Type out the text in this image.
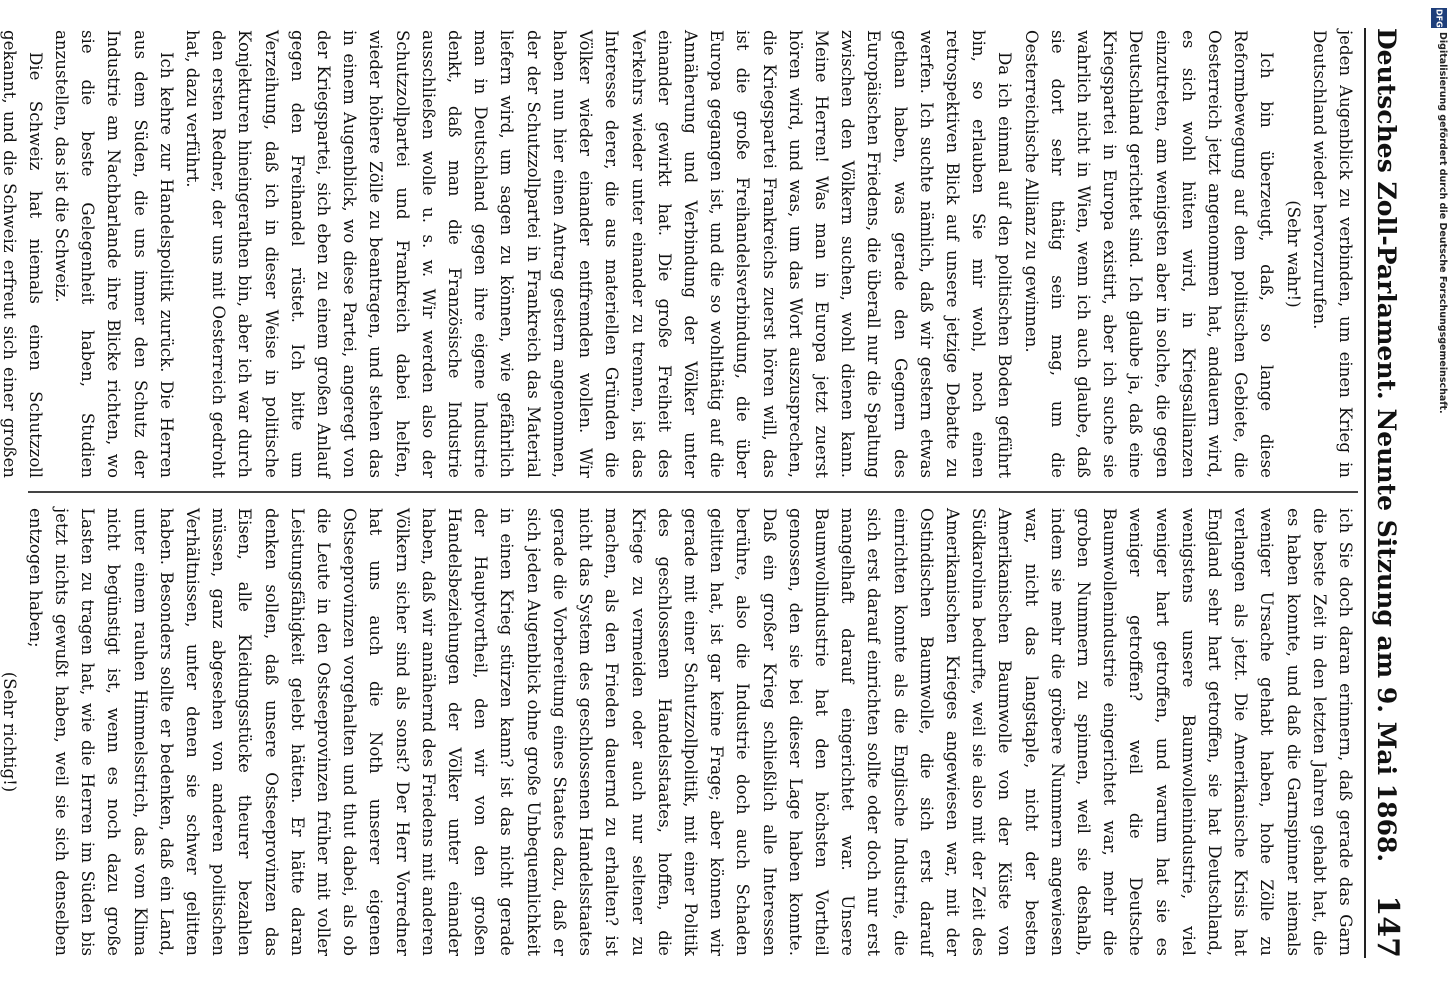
Deutsches Zoll-Parlament. Neunte Sitzung am 9. Mai 1868.
147

jeden Augenblick zu verbinden, um einen Krieg in Deutschland wieder hervorzurufen.

(Sehr wahr!)

Ich bin überzeugt, daß, so lange diese Reformbewegung auf dem politischen Gebiete, die Oesterreich jetzt angenommen hat, andauern wird, es sich wohl hüten wird, in Kriegsallianzen einzutreten, am wenigsten aber in solche, die gegen Deutschland gerichtet sind. Ich glaube ja, daß eine Kriegspartei in Europa existirt, aber ich suche sie wahrlich nicht in Wien, wenn ich auch glaube, daß sie dort sehr thätig sein mag, um die Oesterreichische Allianz zu gewinnen.

Da ich einmal auf den politischen Boden geführt bin, so erlauben Sie mir wohl, noch einen retrospektiven Blick auf unsere jetzige Debatte zu werfen. Ich suchte nämlich, daß wir gestern etwas gethan haben, was gerade den Gegnern des Europäischen Friedens, die überall nur die Spaltung zwischen den Völkern suchen, wohl dienen kann. Meine Herren! Was man in Europa jetzt zuerst hören wird, und was, um das Wort auszusprechen, die Kriegspartei Frankreichs zuerst hören will, das ist die große Freihandelsverbindung, die über Europa gegangen ist, und die so wohlthätig auf die Annäherung und Verbindung der Völker unter einander gewirkt hat. Die große Freiheit des Verkehrs wieder unter einander zu trennen, ist das Interesse derer, die aus materiellen Gründen die Völker wieder einander entfremden wollen. Wir haben nun hier einen Antrag gestern angenommen, der der Schutzzollpartei in Frankreich das Material liefern wird, um sagen zu können, wie gefährlich man in Deutschland gegen ihre eigene Industrie denkt, daß man die Französische Industrie ausschließen wolle u. s. w. Wir werden also der Schutzzollpartei und Frankreich dabei helfen, wieder höhere Zölle zu beantragen, und stehen das in einem Augenblick, wo diese Partei, angeregt von der Kriegspartei, sich eben zu einem großen Anlauf gegen den Freihandel rüstet. Ich bitte um Verzeihung, daß ich in dieser Weise in politische Konjekturen hineingerathen bin, aber ich war durch den ersten Redner, der uns mit Oesterreich gedroht hat, dazu verführt.

Ich kehre zur Handelspolitik zurück. Die Herren aus dem Süden, die uns immer den Schutz der Industrie am Nachbarlande ihre Blicke richten, wo sie die beste Gelegenheit haben, Studien anzustellen, das ist die Schweiz.

Die Schweiz hat niemals einen Schutzzoll gekannt, und die Schweiz erfreut sich einer großen

ich Sie doch daran erinnern, daß gerade das Garn die beste Zeit in den letzten Jahren gehabt hat, die es haben konnte, und daß die Garnspinner niemals weniger Ursache gehabt haben, hohe Zölle zu verlangen als jetzt. Die Amerikanische Krisis hat England sehr hart getroffen, sie hat Deutschland, wenigstens unsere Baumwollenindustrie, viel weniger hart getroffen, und warum hat sie es weniger getroffen? weil die Deutsche Baumwollenindustrie eingerichtet war, mehr die groben Nummern zu spinnen, weil sie deshalb, indem sie mehr die gröbere Nummern angewiesen war, nicht das langstaple, nicht der besten Amerikanischen Baumwolle von der Küste von Südkarolina bedurfte, weil sie also mit der Zeit des Amerikanischen Krieges angewiesen war, mit der Ostindischen Baumwolle, die sich erst darauf einrichten konnte als die Englische Industrie, die sich erst darauf einrichten sollte oder doch nur erst mangelhaft darauf eingerichtet war. Unsere Baumwollindustrie hat den höchsten Vortheil genossen, den sie bei dieser Lage haben konnte. Daß ein großer Krieg schließlich alle Interessen berühre, also die Industrie doch auch Schaden gelitten hat, ist gar keine Frage; aber können wir gerade mit einer Schutzzollpolitik, mit einer Politik des geschlossenen Handelsstaates, hoffen, die Kriege zu vermeiden oder auch nur seltener zu machen, als den Frieden dauernd zu erhalten? ist nicht das System des geschlossenen Handelsstaates gerade die Vorbereitung eines Staates dazu, daß er sich jeden Augenblick ohne große Unbequemlichkeit in einen Krieg stürzen kann? ist das nicht gerade der Hauptvortheil, den wir von den großen Handelsbeziehungen der Völker unter einander haben, daß wir annähernd des Friedens mit anderen Völkern sicher sind als sonst? Der Herr Vorredner hat uns auch die Noth unserer eigenen Ostseeprovinzen vorgehalten und thut dabei, als ob die Leute in den Ostseeprovinzen früher mit voller Leistungsfähigkeit gelebt hätten. Er hätte daran denken sollen, daß unsere Ostseeprovinzen das Eisen, alle Kleidungsstücke theurer bezahlen müssen, ganz abgesehen von anderen politischen Verhältnissen, unter denen sie schwer gelitten haben. Besonders sollte er bedenken, daß ein Land, unter einem rauhen Himmelsstrich, das vom Klima nicht begünstigt ist, wenn es noch dazu große Lasten zu tragen hat, wie die Herren im Süden bis jetzt nichts gewußt haben, weil sie sich denselben entzogen haben;

(Sehr richtig!)

DFG
Digitalisierung gefördert durch die Deutsche Forschungsgemeinschaft.
